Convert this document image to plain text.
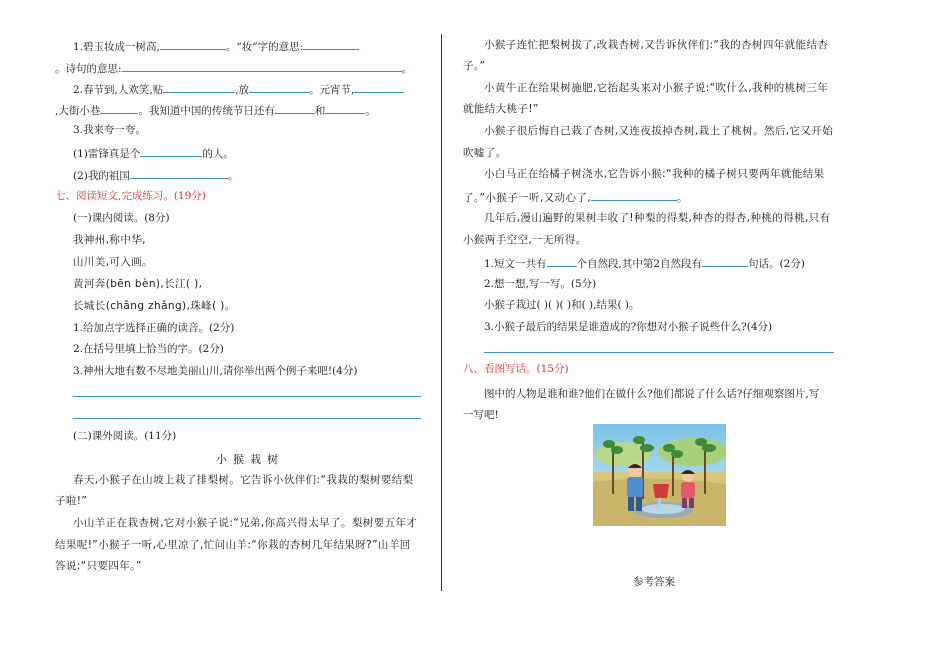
1.碧玉妆成一树高,	。“妆”字的意思:
。诗句的意思:	。
2.春节到,人欢笑,贴	,放	。元宵节,
,大街小巷	。我知道中国的传统节日还有	和	。
3.我来夸一夸。
(1)雷锋真是个	的人。
(2)我的祖国	。
七、阅读短文,完成练习。(19分)
(一)课内阅读。(8分)
我神州,称中华,
山川美,可入画。
黄河奔(bēn bèn),长江( ),
长城长(chǎng zhǎng),珠峰( )。
1.给加点字选择正确的读音。(2分)
2.在括号里填上恰当的字。(2分)
3.神州大地有数不尽地美丽山川,请你举出两个例子来吧!(4分)
(二)课外阅读。(11分)
小猴栽树
春天,小猴子在山坡上栽了排梨树。它告诉小伙伴们:“我栽的梨树要结梨
子啦!”
小山羊正在栽杏树,它对小猴子说:“兄弟,你高兴得太早了。梨树要五年才
结果呢!”小猴子一听,心里凉了,忙问山羊:“你栽的杏树几年结果呀?”山羊回
答说:“只要四年。”
小猴子连忙把梨树拔了,改栽杏树,又告诉伙伴们:“我的杏树四年就能结杏
子。”
小黄牛正在给果树施肥,它抬起头来对小猴子说:“吹什么,我种的桃树三年
就能结大桃子!”
小猴子很后悔自己栽了杏树,又连夜拔掉杏树,栽上了桃树。然后,它又开始
吹嘘了。
小白马正在给橘子树浇水,它告诉小猴:“我种的橘子树只要两年就能结果
了。”小猴子一听,又动心了,	。
几年后,漫山遍野的果树丰收了!种梨的得梨,种杏的得杏,种桃的得桃,只有
小猴两手空空,一无所得。
1.短文一共有	个自然段,其中第2自然段有	句话。(2分)
2.想一想,写一写。(5分)
小猴子栽过( )( )( )和( ),结果( )。
3.小猴子最后的结果是谁造成的?你想对小猴子说些什么?(4分)
八、看图写话。(15分)
图中的人物是谁和谁?他们在做什么?他们都说了什么话?仔细观察图片,写
一写吧!
参考答案
